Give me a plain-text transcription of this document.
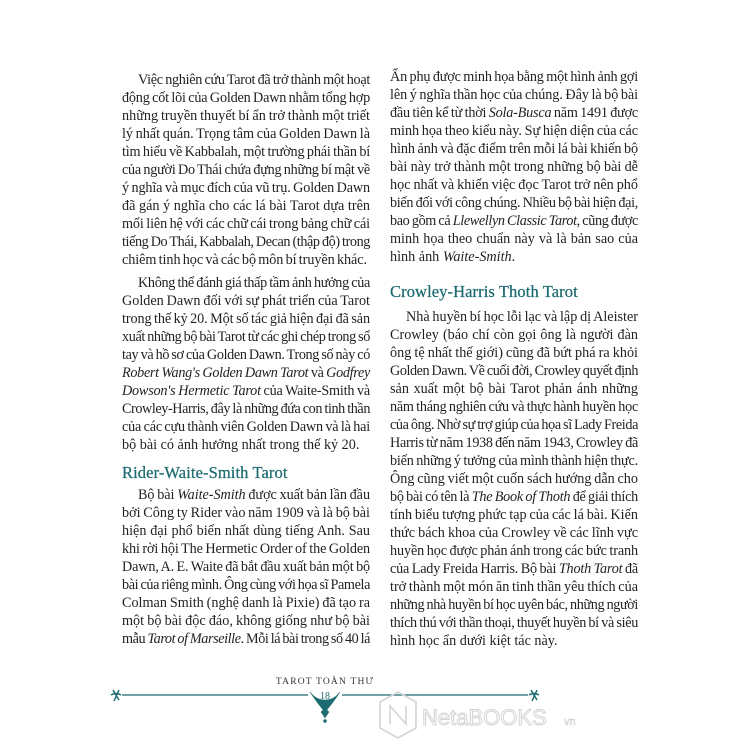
Việc nghiên cứu Tarot đã trở thành một hoạt
động cốt lõi của Golden Dawn nhằm tổng hợp
những truyền thuyết bí ẩn trở thành một triết
lý nhất quán. Trọng tâm của Golden Dawn là
tìm hiểu về Kabbalah, một trường phái thần bí
của người Do Thái chứa đựng những bí mật về
ý nghĩa và mục đích của vũ trụ. Golden Dawn
đã gán ý nghĩa cho các lá bài Tarot dựa trên
mối liên hệ với các chữ cái trong bảng chữ cái
tiếng Do Thái, Kabbalah, Decan (thập độ) trong
chiêm tinh học và các bộ môn bí truyền khác.
Không thể đánh giá thấp tầm ảnh hưởng của
Golden Dawn đối với sự phát triển của Tarot
trong thế kỷ 20. Một số tác giả hiện đại đã sản
xuất những bộ bài Tarot từ các ghi chép trong sổ
tay và hồ sơ của Golden Dawn. Trong số này có
Robert Wang's Golden Dawn Tarot và Godfrey
Dowson's Hermetic Tarot của Waite-Smith và
Crowley-Harris, đây là những đứa con tinh thần
của các cựu thành viên Golden Dawn và là hai
bộ bài có ảnh hưởng nhất trong thế kỷ 20.
Rider-Waite-Smith Tarot
Bộ bài Waite-Smith được xuất bản lần đầu
bởi Công ty Rider vào năm 1909 và là bộ bài
hiện đại phổ biến nhất dùng tiếng Anh. Sau
khi rời hội The Hermetic Order of the Golden
Dawn, A. E. Waite đã bắt đầu xuất bản một bộ
bài của riêng mình. Ông cùng với họa sĩ Pamela
Colman Smith (nghệ danh là Pixie) đã tạo ra
một bộ bài độc đáo, không giống như bộ bài
mẫu Tarot of Marseille. Mỗi lá bài trong số 40 lá
Ẩn phụ được minh họa bằng một hình ảnh gợi
lên ý nghĩa thần học của chúng. Đây là bộ bài
đầu tiên kể từ thời Sola-Busca năm 1491 được
minh họa theo kiểu này. Sự hiện diện của các
hình ảnh và đặc điểm trên mỗi lá bài khiến bộ
bài này trở thành một trong những bộ bài dễ
học nhất và khiến việc đọc Tarot trở nên phổ
biến đối với công chúng. Nhiều bộ bài hiện đại,
bao gồm cả Llewellyn Classic Tarot, cũng được
minh họa theo chuẩn này và là bản sao của
hình ảnh Waite-Smith.
Crowley-Harris Thoth Tarot
Nhà huyền bí học lỗi lạc và lập dị Aleister
Crowley (báo chí còn gọi ông là người đàn
ông tệ nhất thế giới) cũng đã bứt phá ra khỏi
Golden Dawn. Về cuối đời, Crowley quyết định
sản xuất một bộ bài Tarot phản ánh những
năm tháng nghiên cứu và thực hành huyền học
của ông. Nhờ sự trợ giúp của họa sĩ Lady Freida
Harris từ năm 1938 đến năm 1943, Crowley đã
biến những ý tưởng của mình thành hiện thực.
Ông cũng viết một cuốn sách hướng dẫn cho
bộ bài có tên là The Book of Thoth để giải thích
tính biểu tượng phức tạp của các lá bài. Kiến
thức bách khoa của Crowley về các lĩnh vực
huyền học được phản ánh trong các bức tranh
của Lady Freida Harris. Bộ bài Thoth Tarot đã
trở thành một món ăn tinh thần yêu thích của
những nhà huyền bí học uyên bác, những người
thích thú với thần thoại, thuyết huyền bí và siêu
hình học ẩn dưới kiệt tác này.
TAROT TOÀN THƯ
18
NetaBOOKS vn
